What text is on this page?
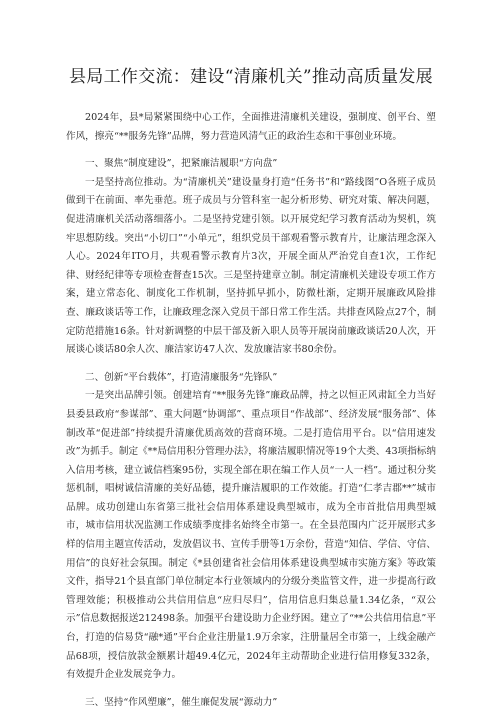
县局工作交流：建设“清廉机关”推动高质量发展

2024年，县*局紧紧围绕中心工作，全面推进清廉机关建设，强制度、创平台、塑作风，擦亮“**服务先锋”品牌，努力营造风清气正的政治生态和干事创业环境。

一、聚焦“制度建设”，把紧廉洁履职“方向盘”

一是坚持高位推动。为“清廉机关”建设量身打造“任务书”和“路线图”O各班子成员做到干在前面、率先垂范。班子成员与分管科室一起分析形势、研究对策、解决问题，促进清廉机关活动落细落小。二是坚持党建引领。以开展党纪学习教育活动为契机，筑牢思想防线。突出“小切口”“小单元”，组织党员干部观看警示教育片，让廉洁理念深入人心。2024年ITO月，共观看警示教育片3次，开展全面从严治党自查1次，工作纪律、财经纪律等专项检查督查15次。三是坚持建章立制。制定清廉机关建设专项工作方案，建立常态化、制度化工作机制，坚持抓早抓小，防微杜渐，定期开展廉政风险排查、廉政谈话等工作，让廉政理念深入党员干部日常工作生活。共排查风险点27个，制定防范措施16条。针对新调整的中层干部及新入职人员等开展岗前廉政谈话20人次，开展谈心谈话80余人次、廉洁家访47人次、发放廉洁家书80余份。

二、创新“平台载体”，打造清廉服务“先锋队”

一是突出品牌引领。创建培育“**服务先锋”廉政品牌，持之以恒正风肃缸全力当好县委县政府“参谋部”、重大问题“协调部”、重点项目“作战部”、经济发展“服务部”、体制改革“促进部”持续提升清廉优质高效的营商环境。二是打造信用平台。以“信用速发改”为抓手。制定《**局信用积分管理办法》，将廉洁履职情况等19个大类、43项指标纳入信用考核，建立诚信档案95份，实现全部在职在编工作人员“一人一档”。通过积分奖惩机制，唱树诚信清廉的美好品德，提升廉洁履职的工作效能。打造“仁孝吉郡**”城市品牌。成功创建山东省第三批社会信用体系建设典型城市，成为全市首批信用典型城市，城市信用状况监测工作成绩季度排名始终全市第一。在全县范围内广泛开展形式多样的信用主题宣传活动，发放倡议书、宣传手册等1万余份，营造“知信、学信、守信、用信”的良好社会氛围。制定《*县创建省社会信用体系建设典型城市实施方案》等政策文件，指导21个县直部门单位制定本行业领域内的分级分类监管文件，进一步提高行政管理效能；积极推动公共信用信息“应归尽归”，信用信息归集总量1.34亿条，“双公示”信息数据报送212498条。加强平台建设助力企业纾困。建立了“**公共信用信息”平台，打造的信易贷“融*通”平台企业注册量1.9万余家，注册量居全市第一，上线金融产品68项，授信放款金额累计超49.4亿元，2024年主动帮助企业进行信用修复332条，有效提升企业发展竞争力。

三、坚持“作风塑廉”，催生廉促发展“源动力”
